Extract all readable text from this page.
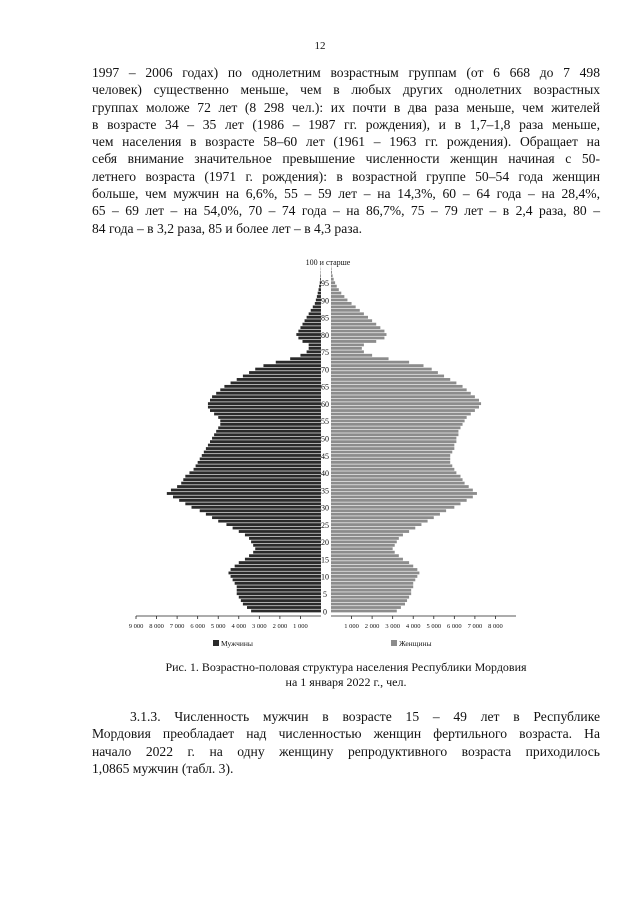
12
1997 – 2006 годах) по однолетним возрастным группам (от 6 668 до 7 498
человек) существенно меньше, чем в любых других однолетних возрастных
группах моложе 72 лет (8 298 чел.): их почти в два раза меньше, чем жителей
в возрасте 34 – 35 лет (1986 – 1987 гг. рождения), и в 1,7–1,8 раза меньше,
чем населения в возрасте 58–60 лет (1961 – 1963 гг. рождения). Обращает на
себя внимание значительное превышение численности женщин начиная с 50-
летнего возраста (1971 г. рождения): в возрастной группе 50–54 года женщин
больше, чем мужчин на 6,6%, 55 – 59 лет – на 14,3%, 60 – 64 года – на 28,4%,
65 – 69 лет – на 54,0%, 70 – 74 года – на 86,7%, 75 – 79 лет – в 2,4 раза, 80 –
84 года – в 3,2 раза, 85 и более лет – в 4,3 раза.
0
5
10
15
20
25
30
35
40
45
50
55
60
65
70
75
80
85
90
95
100 и старше
9 000 8 000 7 000 6 000 5 000 4 000 3 000 2 000 1 000	1 000 2 000 3 000 4 000 5 000 6 000 7 000 8 000
Мужчины	Женщины
Рис. 1. Возрастно-половая структура населения Республики Мордовия
на 1 января 2022 г., чел.
3.1.3. Численность мужчин в возрасте 15 – 49 лет в Республике
Мордовия преобладает над численностью женщин фертильного возраста. На
начало 2022 г. на одну женщину репродуктивного возраста приходилось
1,0865 мужчин (табл. 3).
